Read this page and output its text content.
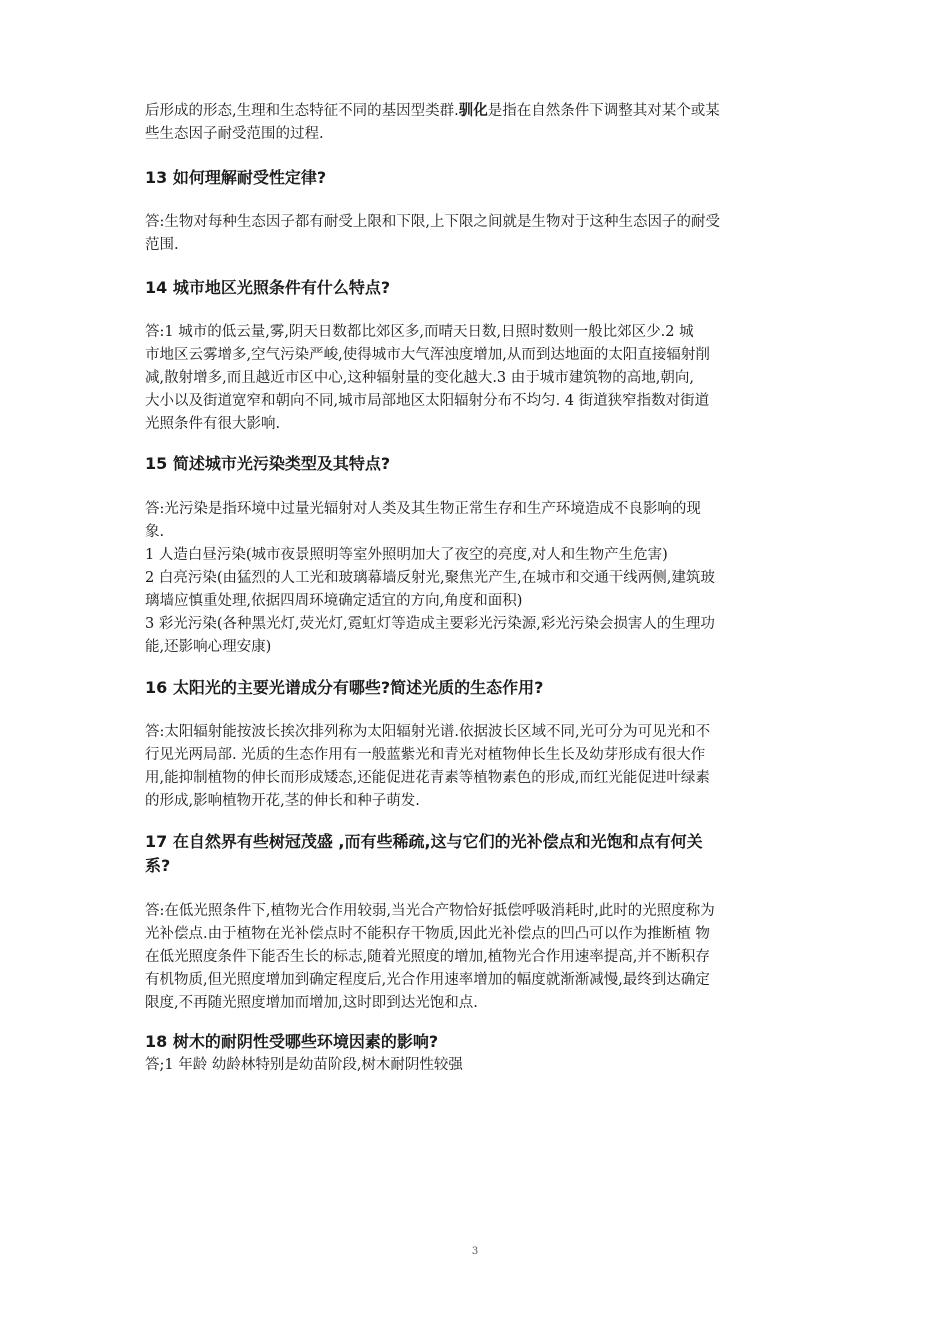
后形成的形态,生理和生态特征不同的基因型类群.驯化是指在自然条件下调整其对某个或某

些生态因子耐受范围的过程.

13 如何理解耐受性定律?

答:生物对每种生态因子都有耐受上限和下限,上下限之间就是生物对于这种生态因子的耐受

范围.

14 城市地区光照条件有什么特点?

答:1 城市的低云量,雾,阴天日数都比郊区多,而晴天日数,日照时数则一般比郊区少.2 城

市地区云雾增多,空气污染严峻,使得城市大气浑浊度增加,从而到达地面的太阳直接辐射削

减,散射增多,而且越近市区中心,这种辐射量的变化越大.3 由于城市建筑物的高地,朝向,

大小以及街道宽窄和朝向不同,城市局部地区太阳辐射分布不均匀. 4 街道狭窄指数对街道

光照条件有很大影响.

15 简述城市光污染类型及其特点?

答:光污染是指环境中过量光辐射对人类及其生物正常生存和生产环境造成不良影响的现

象.

1 人造白昼污染(城市夜景照明等室外照明加大了夜空的亮度,对人和生物产生危害)

2 白亮污染(由猛烈的人工光和玻璃幕墙反射光,聚焦光产生,在城市和交通干线两侧,建筑玻

璃墙应慎重处理,依据四周环境确定适宜的方向,角度和面积)

3 彩光污染(各种黑光灯,荧光灯,霓虹灯等造成主要彩光污染源,彩光污染会损害人的生理功

能,还影响心理安康)

16 太阳光的主要光谱成分有哪些?简述光质的生态作用?

答:太阳辐射能按波长挨次排列称为太阳辐射光谱.依据波长区域不同,光可分为可见光和不

行见光两局部. 光质的生态作用有一般蓝紫光和青光对植物伸长生长及幼芽形成有很大作

用,能抑制植物的伸长而形成矮态,还能促进花青素等植物素色的形成,而红光能促进叶绿素

的形成,影响植物开花,茎的伸长和种子萌发.

17 在自然界有些树冠茂盛 ,而有些稀疏,这与它们的光补偿点和光饱和点有何关

系?

答:在低光照条件下,植物光合作用较弱,当光合产物恰好抵偿呼吸消耗时,此时的光照度称为

光补偿点.由于植物在光补偿点时不能积存干物质,因此光补偿点的凹凸可以作为推断植 物

在低光照度条件下能否生长的标志,随着光照度的增加,植物光合作用速率提高,并不断积存

有机物质,但光照度增加到确定程度后,光合作用速率增加的幅度就渐渐减慢,最终到达确定

限度,不再随光照度增加而增加,这时即到达光饱和点.

18 树木的耐阴性受哪些环境因素的影响?

答;1 年龄 幼龄林特别是幼苗阶段,树木耐阴性较强

3
